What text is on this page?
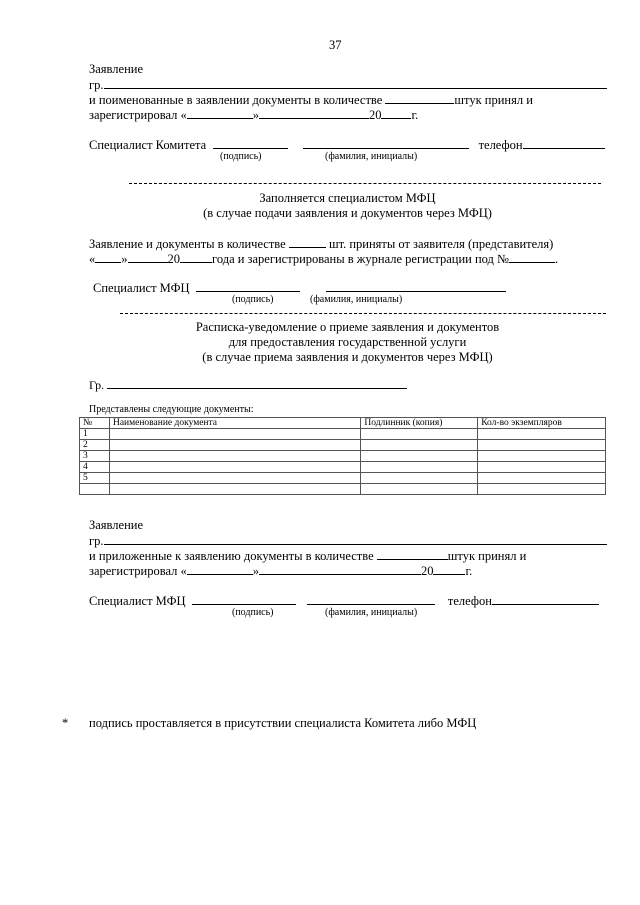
37
Заявление
гр.
и поименованные в заявлении документы в количестве	штук принял и
зарегистрировал «	»	20 г.
Специалист Комитета	телефон
(подпись)	(фамилия, инициалы)
Заполняется специалистом МФЦ
(в случае подачи заявления и документов через МФЦ)
Заявление и документы в количестве	шт. приняты от заявителя (представителя)
« »	20	года и зарегистрированы в журнале регистрации под №	.
Специалист МФЦ
(подпись)	(фамилия, инициалы)
Расписка-уведомление о приеме заявления и документов
для предоставления государственной услуги
(в случае приема заявления и документов через МФЦ)
Гр.
Представлены следующие документы:
№	Наименование документа	Подлинник (копия)	Кол-во экземпляров
1			
2			
3			
4			
5			

Заявление
гр.
и приложенные к заявлению документы в количестве	штук принял и
зарегистрировал «	»	20	г.
Специалист МФЦ	телефон
(подпись)	(фамилия, инициалы)
* подпись проставляется в присутствии специалиста Комитета либо МФЦ
